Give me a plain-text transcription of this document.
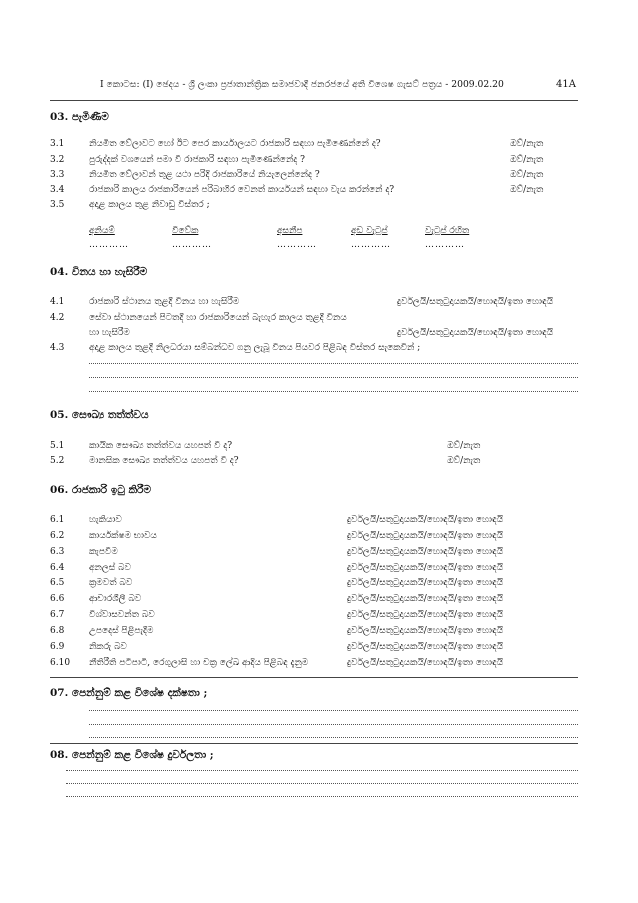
I කොටස: (I) ඡෙදය - ශ්‍රී ලංකා ප්‍රජාතාන්ත්‍රික සමාජවාදී ජනරජයේ අති විශෙෂ ගැසට් පත්‍රය - 2009.02.20	41A
03. පැමිණීම
3.1	නියමිත වේලාවට හෝ ඊට පෙර කාර්යාලයට රාජකාරි සඳහා පැමිණෙන්නේ ද?	ඔව්/නැත
3.2	පුරුද්දක් වශයෙන් පමා වී රාජකාරි සඳහා පැමිණෙන්නේද ?	ඔව්/නැත
3.3	නියමිත වේලාවන් තුළ යථා පරිදි රාජකාරියේ නියැලෙන්නේද ?	ඔව්/නැත
3.4	රාජකාරි කාලය රාජකාරියෙන් පරිබාහිර වෙනත් කාර්යයන් සඳහා වැය කරන්නේ ද?	ඔව්/නැත
3.5	අදාළ කාලය තුළ නිවාඩු විස්තර ;
අනියම්	විවේක	අසනීප	අඩ වැටුප්	වැටුප් රහිත
…………	…………	…………	…………	…………
04. විනය හා හැසිරීම
4.1	රාජකාරි ස්ථානය තුළදී විනය හා හැසිරීම	දුර්වලයි/සතුටුදායකයි/හොඳයි/ඉතා හොඳයි
4.2	සේවා ස්ථානයෙන් පිටතදී හා රාජකාරියෙන් බැහැර කාලය තුළදී විනය
හා හැසිරීම	දුර්වලයි/සතුටුදායකයි/හොඳයි/ඉතා හොඳයි
4.3	අදාළ කාලය තුළදී නිලධරයා සම්බන්ධව ගනු ලැබූ විනය පියවර පිළිබඳ විස්තර සැකෙවින් ;
05. සෞඛ්‍ය තත්ත්වය
5.1	කායික සෞඛ්‍ය තත්ත්වය යහපත් වී ද?	ඔව්/නැත
5.2	මානසික සෞඛ්‍ය තත්ත්වය යහපත් වී ද?	ඔව්/නැත
06. රාජකාරි ඉටු කිරීම
6.1	හැකියාව	දුර්වලයි/සතුටුදායකයි/හොඳයි/ඉතා හොඳයි
6.2	කාර්යක්ෂම භාවය	දුර්වලයි/සතුටුදායකයි/හොඳයි/ඉතා හොඳයි
6.3	කැපවීම	දුර්වලයි/සතුටුදායකයි/හොඳයි/ඉතා හොඳයි
6.4	අනලස් බව	දුර්වලයි/සතුටුදායකයි/හොඳයි/ඉතා හොඳයි
6.5	ක්‍රමවත් බව	දුර්වලයි/සතුටුදායකයි/හොඳයි/ඉතා හොඳයි
6.6	ආචාරශීලී බව	දුර්වලයි/සතුටුදායකයි/හොඳයි/ඉතා හොඳයි
6.7	විශ්වාසවන්ත බව	දුර්වලයි/සතුටුදායකයි/හොඳයි/ඉතා හොඳයි
6.8	උපදෙස් පිළිපැදීම	දුර්වලයි/සතුටුදායකයි/හොඳයි/ඉතා හොඳයි
6.9	නිකරු බව	දුර්වලයි/සතුටුදායකයි/හොඳයි/ඉතා හොඳයි
6.10 නීතිරීති පටිපාටි, රෙගුලාසි හා චක්‍ර ලේඛ ආදිය පිළිබඳ දැනුම	දුර්වලයි/සතුටුදායකයි/හොඳයි/ඉතා හොඳයි
07. පෙන්නුම් කළ විශේෂ දක්ෂතා ;
08. පෙන්නුම් කළ විශේෂ දුර්වලතා ;
